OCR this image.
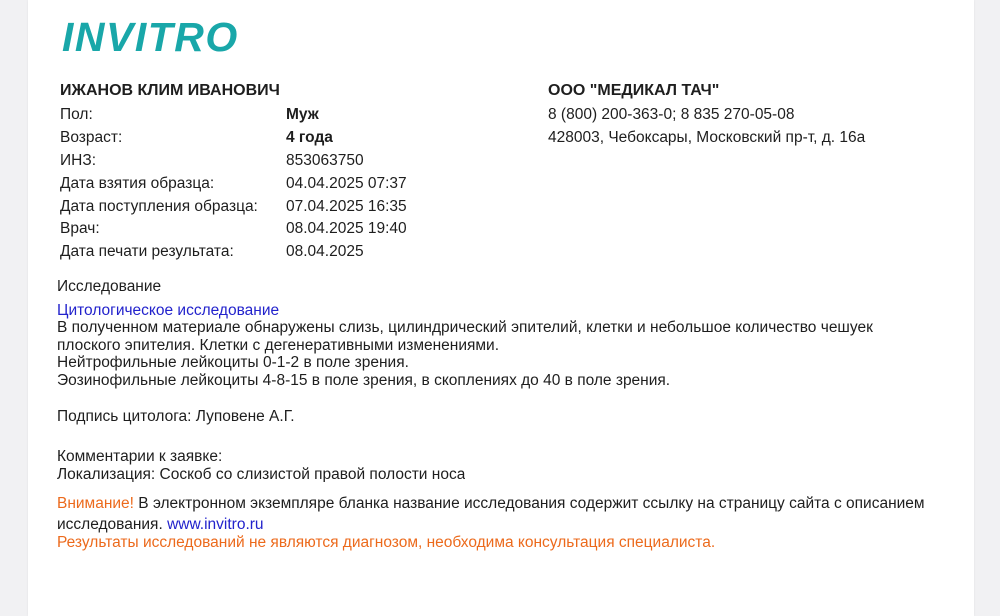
INVITRO
ИЖАНОВ КЛИМ ИВАНОВИЧ	ООО "МЕДИКАЛ ТАЧ"
Пол:	Муж
Возраст:	4 года
ИНЗ:	853063750
Дата взятия образца:	04.04.2025 07:37
Дата поступления образца: 07.04.2025 16:35
Врач:	08.04.2025 19:40
Дата печати результата:	08.04.2025
8 (800) 200-363-0; 8 835 270-05-08
428003, Чебоксары, Московский пр-т, д. 16а
Исследование
Цитологическое исследование
В полученном материале обнаружены слизь, цилиндрический эпителий, клетки и небольшое количество чешуек плоского эпителия. Клетки с дегенеративными изменениями.
Нейтрофильные лейкоциты 0-1-2 в поле зрения.
Эозинофильные лейкоциты 4-8-15 в поле зрения, в скоплениях до 40 в поле зрения.
Подпись цитолога: Луповене А.Г.
Комментарии к заявке:
Локализация: Соскоб со слизистой правой полости носа
Внимание! В электронном экземпляре бланка название исследования содержит ссылку на страницу сайта с описанием исследования. www.invitro.ru
Результаты исследований не являются диагнозом, необходима консультация специалиста.
